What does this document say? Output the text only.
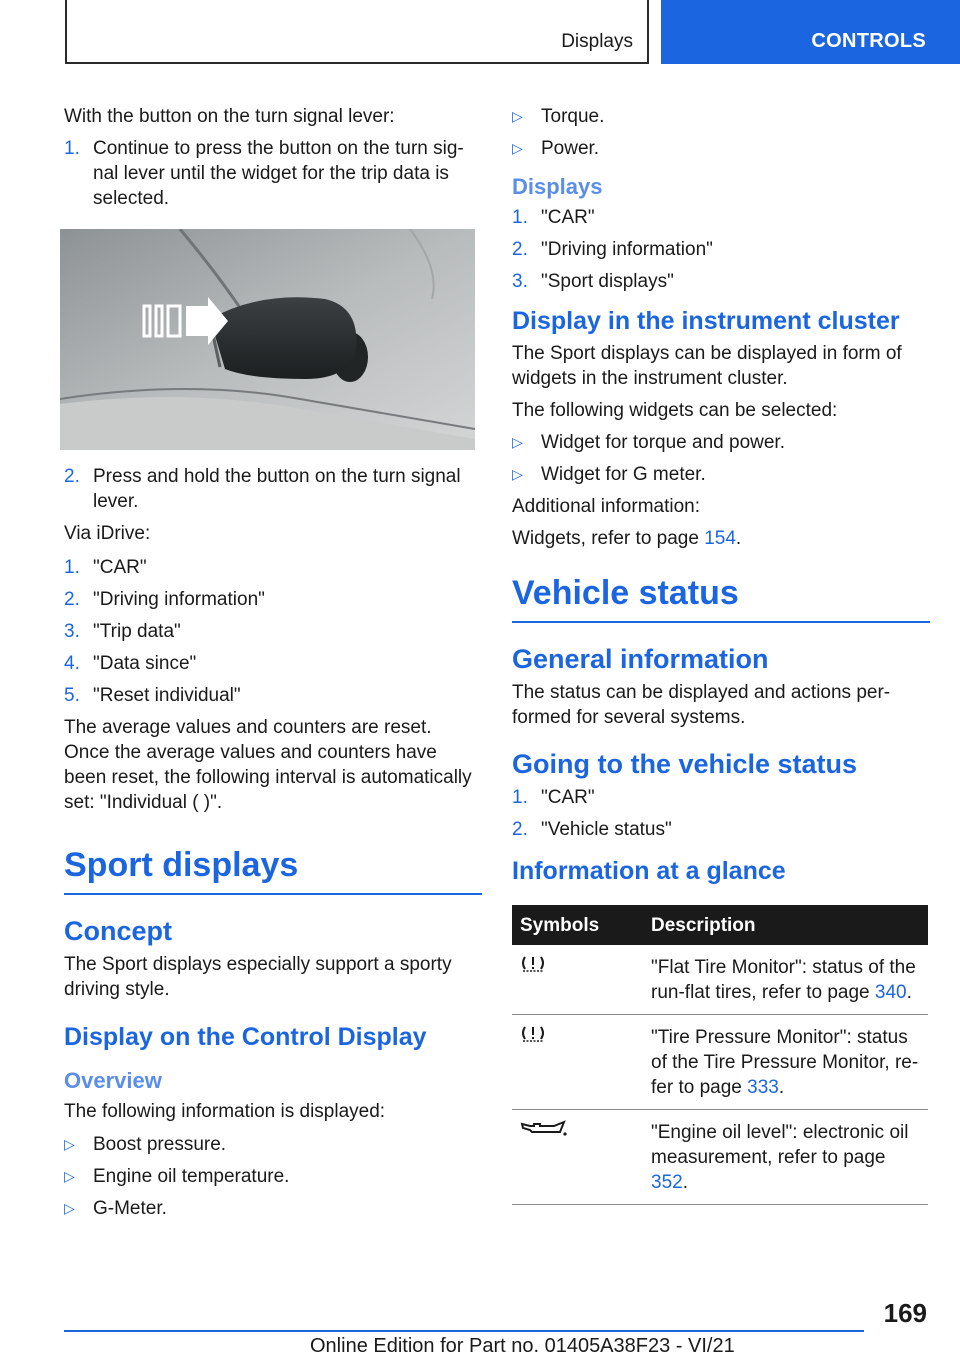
Displays	CONTROLS

With the button on the turn signal lever:

1. Continue to press the button on the turn sig‐nal lever until the widget for the trip data is selected.
2. Press and hold the button on the turn signal lever.

Via iDrive:

1. "CAR"
2. "Driving information"
3. "Trip data"
4. "Data since"
5. "Reset individual"

The average values and counters are reset.

Once the average values and counters have been reset, the following interval is automatically set: "Individual ( )".

Sport displays
Concept

The Sport displays especially support a sporty driving style.

Display on the Control Display
Overview

The following information is displayed:

▷ Boost pressure.
▷ Engine oil temperature.
▷ G-Meter.
▷ Torque.
▷ Power.
Displays
1. "CAR"
2. "Driving information"
3. "Sport displays"
Display in the instrument cluster

The Sport displays can be displayed in form of widgets in the instrument cluster.

The following widgets can be selected:

▷ Widget for torque and power.
▷ Widget for G meter.

Additional information:

Widgets, refer to page 154.

Vehicle status
General information

The status can be displayed and actions per‐formed for several systems.

Going to the vehicle status
1. "CAR"
2. "Vehicle status"
Information at a glance
Symbols	Description
	"Flat Tire Monitor": status of the run-flat tires, refer to page 340.
	"Tire Pressure Monitor": status of the Tire Pressure Monitor, re‐fer to page 333.
	"Engine oil level": electronic oil measurement, refer to page 352.
169
Online Edition for Part no. 01405A38F23 - VI/21
